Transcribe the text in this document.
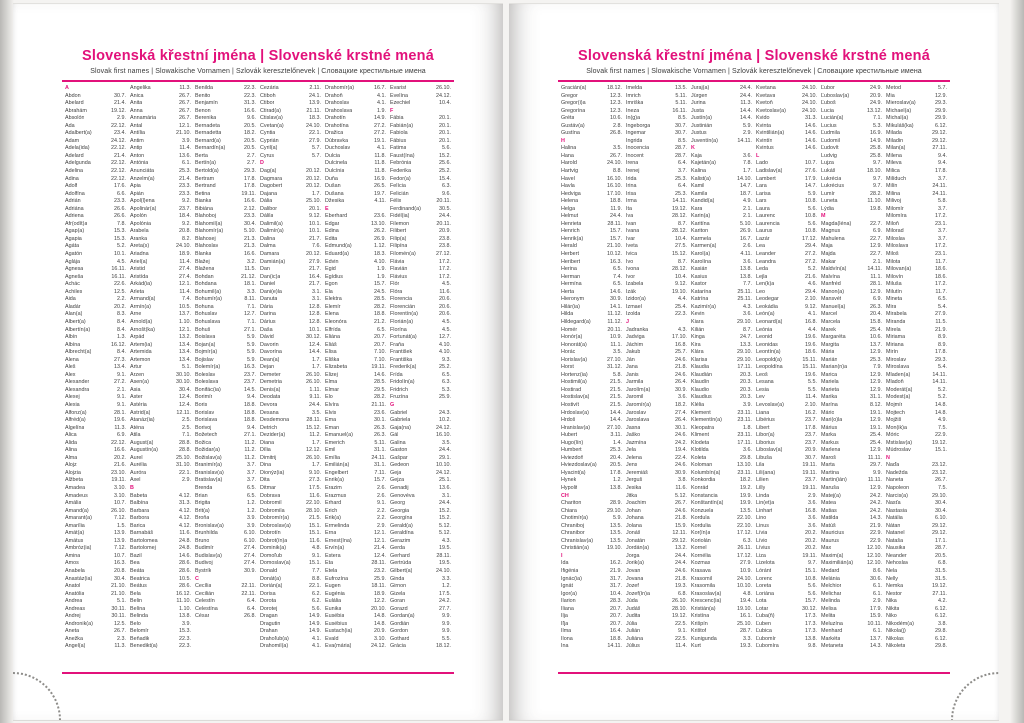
Slovenská křestní jména | Slovenské krstné mená
Slovak first names | Slowakische Vornamen | Szlovák keresztelőnevek | Словацкие крестильные имена
A
Abdon	30.7.
Abelard	21.4.
Abrahám	19.12.
Absolón	2.9.
Ada	22.12.
Adalbert(a)	23.4.
Adam	24.12.
Adela(ida)	22.12.
Adelard	21.4.
Adelgunda	22.12.
Adelina	22.12.
Adina	22.12.
Adolf	17.6.
Adolfína	6.6.
Adrián	23.3.
Adriána	26.6.
Adriena	26.6.
Afr(odít)a	7.8.
Agap(a)	15.3.
Agapia	15.3.
Agáta	5.2.
Agatón	10.1.
Aglája	4.5.
Agnesa	16.11.
Agneša	16.11.
Achác	22.6.
Achiles	12.5.
Aida	2.2.
Aladár	20.2.
Alan(a)	8.3.
Albert(a)	8.4.
Albertín(a)	8.4.
Albín	1.3.
Albína	16.12.
Albrecht(a)	8.4.
Alena	27.3.
Aleš	13.4.
Alex	9.1.
Alexander	27.2.
Alexandra	2.1.
Alexej	9.1.
Alexia	9.1.
Alfonz(a)	28.1.
Alfréd(a)	19.6.
Algelína	11.3.
Alica	6.9.
Alida	22.12.
Alina	16.6.
Alma	20.2.
Alojz	21.6.
Alojzia	23.10.
Alžbeta	19.11.
Amadea	3.10.
Amadeus	3.10.
Amália	10.7.
Amand(a)	26.10.
Amarant(a)	7.12.
Amarília	1.5.
Amát(a)	13.9.
Amátus	13.9.
Ambróz(ia)	7.12.
Amina	10.7.
Amos	16.3.
Anabela	20.8.
Anastáz(ia)	30.4.
Anatol	21.10.
Anatólia	21.10.
Andrea	5.1.
Andreas	30.11.
Andrej	30.11.
Andronik(a)	12.5.
Aneta	26.7.
Anežka	2.3.
Angel(a)	11.3.
Angelika	11.3.
Anica	26.7.
Anita	26.7.
Anna	26.7.
Annamária	26.7.
Antal	12.1.
Antília	21.10.
Antim	3.9.
Antip	11.4.
Anton	13.6.
Antónia	6.1.
Anunciáta	25.3.
Anzelm(a)	21.4.
Apia	23.3.
Apián	23.3.
Apol(l)ena	9.2.
Apolinár(a)	23.7.
Apolón	18.4.
Apolónia	9.2.
Arabela	20.8.
Aranka	8.2.
Areta(s)	24.10.
Ariadna	18.9.
Ariel(a)	11.4.
Aristid	27.4.
Aristída	27.4.
Arkád(ia)	12.1.
Arleta	11.4.
Armand(a)	7.4.
Armín(a)	10.5.
Arne	13.7.
Arnold(a)	1.10.
Arnošt(ka)	12.1.
Arpád	13.2.
Artem(ia)	13.4.
Artemida	13.4.
Artemon	13.4.
Artur	5.1.
Arzen	30.10.
Asen(a)	30.10.
Asia	30.4.
Aster	12.4.
Astéria	12.4.
Astrid(a)	12.11.
Atanáz(ia)	2.5.
Aténa	2.5.
Atila	7.1.
August(a)	28.8.
Augustín(a)	28.8.
Aurel	25.10.
Aurélia	31.10.
Auróra	22.1.
Axel	2.9.
B
Babeta	4.12.
Balbína	31.3.
Barbara	4.12.
Barbora	4.12.
Barica	4.12.
Barnabáš	11.6.
Bartolomea	24.8.
Bartolomej	24.8.
Bazil	14.6.
Bea	28.6.
Beáta	28.6.
Beatrica	10.5.
Beátus	28.6.
Bela	16.12.
Belin	11.10.
Belína	1.10.
Belinda	13.8.
Belo	3.9.
Belomír	15.3.
Beňadik	22.3.
Benedikt(a)	22.3.
Benilda	22.3.
Benito	22.3.
Benjamín	31.3.
Benon	16.6.
Berenika	9.6.
Bernadeta	20.5.
Bernadetta	18.2.
Bernard(a)	20.5.
Bernardín(a)	20.5.
Berta	2.7.
Bertín(a)	2.7.
Bertold(a)	29.3.
Bertram	17.8.
Bertrand	17.8.
Betina	19.11.
Bianka	16.6.
Bibiána	2.12.
Blahoboj	23.3.
Blahomil(a)	30.4.
Blahomír(a)	5.10.
Blahosej	21.3.
Blahoslav	21.3.
Blanka	16.6.
Blažej	3.2.
Blažena	11.5.
Bohdan	21.12.
Bohdana	18.1.
Bohumil(a)	3.3.
Bohumír(a)	8.11.
Bohuna	7.1.
Bohuslav	12.7.
Bohuslava	7.1.
Bohuš	27.1.
Boislava	5.9.
Bojan(a)	5.9.
Bojmír(a)	5.9.
Bojislav	5.9.
Bolemír(a)	16.3.
Boleslav	23.7.
Boleslava	23.7.
Bonifác(ia)	14.5.
Borimír	9.4.
Boris	18.8.
Borislav	18.8.
Borislava	18.8.
Borivoj	9.4.
Božetech	27.1.
Božica	11.2.
Božidar(a)	11.2.
Božislav(a)	11.2.
Branimír(a)	3.7.
Branislav(a)	3.7.
Bratislav(a)	3.7.
Brenda	6.5.
Brian	6.5.
Brigita	1.2.
Brit(a)	1.2.
Broňa	3.9.
Bronislav(a)	3.9.
Brunhilda	6.10.
Bruno	6.10.
Budimír	27.4.
Budislav(a)	27.4.
Budivoj	27.4.
Bystrík	30.9.
C
Cecília	22.11.
Cecilián	22.11.
Celestín	6.4.
Celestína	6.4.
César	26.8.
Cezária	2.11.
Ctiboh	24.1.
Ctibor	13.9.
Ctirad(a)	21.11.
Ctislav(a)	18.3.
Cvetan(a)	24.10.
Cyntia	22.1.
Cyprián	27.9.
Cyril(a)	5.7.
Cyrus	5.7.
D
Dag(a)	20.12.
Dagmara	20.12.
Dagobert	20.12.
Dajana	1.7.
Dália	25.10.
Dalibor	20.1.
Dálila	9.12.
Dalimil(a)	10.1.
Dalimír(a)	10.1.
Dalina	21.7.
Dalma	7.6.
Damara	20.12.
Damián(a)	27.9.
Dan	21.7.
Dan(ic)a	16.4.
Daniel	21.7.
Dani(e)la	3.1.
Danuta	3.1.
Dária	12.8.
Darina	12.8.
Dárius	12.8.
Daša	10.1.
Dávid	30.12.
Davorin	12.4.
Davorína	14.4.
Dean(a)	1.7.
Dejan	1.7.
Demeter	26.10.
Demetria	26.10.
Denis(a)	1.11.
Deodata	9.11.
Devora	24.4.
Desana	3.5.
Desdemona	28.11.
Detrich	15.12.
Dezider(a)	11.2.
Diana	1.7.
Dília	12.12.
Dimitrij	26.10.
Dina	1.7.
Dionýz(ia)	9.10.
Dita	27.3.
Ditmar	17.5.
Dobrava	11.6.
Dobromil	22.10.
Dobromila	28.10.
Dobromír(a)	21.5.
Dobroslav(a)	15.1.
Dobrotín	15.1.
Dobrot(ín)a	11.6.
Dominik(a)	4.8.
Domoľub	9.1.
Domoslav(a)	15.1.
Donald	7.7.
Donát(a)	8.8.
Dorián(a)	22.1.
Dorisa	6.2.
Dorota	6.2.
Dorotej	5.6.
Dragan	14.9.
Dragutin	14.9.
Drahan	14.9.
Drahoľub(a)	4.1.
Drahomil(a)	4.1.
Drahomír(a)	16.7.
Drahoň	4.1.
Drahoslav	4.1.
Drahoslava	1.9.
Drahotín	14.9.
Drahotína	27.2.
Dražica	27.2.
Dúbravka	19.1.
Duchoslav	4.1.
Dulcia	11.8.
Dulcinela	11.8.
Dulcínia	11.8.
Duňa	16.9.
Dušan	26.5.
Dušana	19.7.
Džesika	4.11.
E
Eberhard	23.6.
Edgar	13.10.
Edina	26.2.
Edita	26.9.
Edmund(a)	1.12.
Eduard(a)	18.3.
Edvin	4.10.
Egid	1.9.
Egídius	1.9.
Egon	15.7.
Ela	24.5.
Elektra	28.5.
Elemír	28.2.
Elena	18.8.
Eleonóra	21.2.
Elfrída	6.5.
Eliána	20.7.
Eliáš	20.7.
Elisa	7.10.
Eliška	7.10.
Elizabeta	19.11.
Elizej	14.6.
Elma	28.5.
Elmar	29.5.
Elo	28.2.
Elvíra	21.11.
Elvis	23.6.
Ema	30.1.
Eman	26.3.
Emanuel(a)	26.3.
Emerich	5.11.
Emil	31.1.
Emília	24.11.
Emilián(a)	31.1.
Engelbert	7.11.
Enrik(a)	15.7.
Erazim	2.6.
Erazmus	2.6.
Erhard	9.1.
Erich	2.2.
Erik(a)	2.2.
Ermelinda	2.9.
Erna	12.1.
Ernest(ína)	12.1.
Ervín(a)	21.4.
Estera	12.4.
Eta	28.11.
Etela	23.2.
Eufrozína	25.9.
Eugen	18.11.
Eugénia	18.9.
Eulália	12.2.
Eunika	20.10.
Eusébia	14.8.
Eusébius	14.8.
Eustach(ia)	20.9.
Evald	3.10.
Eva(mária)	24.12.
Evarist	26.10.
Evelína	24.12.
Ezechiel	10.4.
F
Fábia	20.1.
Fabián(a)	20.1.
Fabiola	20.1.
Fábius	20.1.
Fatima	5.6.
Faust(ína)	15.2.
Febrónia	25.6.
Federika	25.2.
Fedor(a)	15.4.
Felícia	6.3.
Felicián	9.6.
Félix	20.11.
Ferdinand(a)	30.5.
Fidél(ia)	24.4.
Filemon	20.11.
Filibert	20.9.
Filip(a)	23.8.
Filipína	23.8.
Filomén(a)	27.12.
Flávia	17.2.
Flavián	17.2.
Flávius	17.2.
Flór	4.5.
Flóra	11.6.
Florencia	20.6.
Florencián	20.6.
Florentín(a)	20.6.
Florián(a)	4.5.
Florína	4.5.
Fortunát(a)	12.7.
Fraňa	4.10.
František	4.10.
Františka	9.3.
Frederik(a)	25.2.
Frída	6.5.
Fridolín(a)	6.3.
Fridrich	5.3.
Fruzína	25.9.
G
Gabriel	24.3.
Gabriela	10.2.
Gaja(na)	24.12.
Gál	16.10.
Galina	3.5.
Gaston	24.4.
Gašpar	29.1.
Gedeon	10.10.
Geja	24.12.
Gejza	25.1.
Genadij	13.6.
Genovéva	3.1.
Georg	24.4.
Georgia	15.2.
Georgína	15.2.
Gerald(a)	5.12.
Geraldína	5.12.
Gerazim	4.3.
Gerda	19.5.
Gerhard	28.11.
Gertrúda	19.5.
Gilbert(a)	24.10.
Ginda	3.3.
Girnon	1.2.
Gizela	17.5.
Goran	24.2.
Gorazd	27.7.
Gordan(a)	9.9.
Gordián	9.9.
Gordon	9.9.
Gothard	5.5.
Grácia	18.12.
Slovenská křestní jména | Slovenské krstné mená
Slovak first names | Slowakische Vornamen | Szlovák keresztelőnevek | Словацкие крестильные имена
Gracián(a)	18.12.
Gregor	12.3.
Gregor(i)a	12.3.
Gregorína	12.3.
Gréta	10.6.
Gustáv(a)	2.8.
Gustína	26.8.
H
Halina	3.5.
Hana	26.7.
Harold	24.10.
Hartvig	8.8.
Havel	16.10.
Havla	16.10.
Hedviga	17.10.
Helena	18.8.
Helga	11.9.
Helmut	24.4.
Henrieta	28.11.
Henrich	15.7.
Henrik(a)	15.7.
Herald	21.10.
Herbert	10.12.
Heribert	16.3.
Herina	6.5.
Herman	7.4.
Hermína	6.5.
Herta	14.6.
Hieronym	30.9.
Hilár(ia)	14.1.
Hilda	11.12.
Hildegard(a)	11.12.
Homér	20.11.
Honór(a)	10.9.
Honorát(a)	11.1.
Horác	3.5.
Horislav(a)	27.10.
Horst	31.12.
Hortenz(ia)	5.8.
Hostimil(a)	21.5.
Hostirad	21.5.
Hostislav(a)	21.5.
Hostivít	21.5.
Hrdoslav(a)	14.4.
Hrdoš	14.4.
Hranislav(a)	27.10.
Hubert	3.11.
Hugo(lín)	1.4.
Humbert	25.3.
Hviezdoň	20.4.
Hviezdoslav(a) 20.5.
Hyacint(a)	17.8.
Hynek	1.2.
Hypolit	13.8.
CH
Chariton	28.9.
Chiara	29.10.
Chotimír(a)	5.9.
Chraniboj	13.5.
Chranibor	13.5.
Chranislav(a)	13.5.
Christián(a)	19.10.
I
Ida	16.2.
Ifigénia	21.9.
Ignác(ia)	31.7.
Ignát	31.7.
Igor(a)	10.4.
Ilarion	28.3.
Iliana	20.7.
Ilja	20.7.
Iľja	20.7.
Ilma	16.4.
Ilona	18.8.
Ina	14.11.
Imelda	13.5.
Imrich	5.11.
Imriška	5.11.
Ineza	16.11.
In(g)a	8.5.
Ingeborga	30.7.
Ingemar	30.7.
Ingrida	8.5.
Inocencia	28.7.
Inocent	28.7.
Irena	6.4.
Irenej	3.7.
Irida	25.3.
Irina	6.4.
Irisa	25.3.
Irma	14.11.
Ita	19.12.
Iva	28.12.
Ivan	8.7.
Ivana	28.12.
Ivar	10.4.
Iveta	27.5.
Ivica	15.12.
Ivo	8.7.
Ivona	28.12.
Ivor	10.4.
Izabela	9.12.
Izák	19.10.
Izidor(a)	4.4.
Izmael	25.4.
Izolda	22.3.
J
Jadranka	4.3.
Jadviga	17.10.
Jáchim	16.8.
Jakub	25.7.
Ján	24.6.
Jana	21.8.
Janis	24.6.
Jarmila	26.4.
Jarolím(a)	30.9.
Jaromil	3.6.
Jaromír(a)	18.2.
Jaroslav	27.4.
Jaroslava	26.4.
Jasna	30.1.
Jaško	24.6.
Jazmína	24.2.
Jela	19.4.
Jelena	22.4.
Jens	24.6.
Jeremiáš	30.9.
Jerguš	3.8.
Jesika	11.6.
Jitka	5.12.
Joachim	26.7.
Johan	24.6.
Johana	21.8.
Jolana	15.9.
Jonáš	12.11.
Jonatán	29.12.
Jordán(a)	13.2.
Jorga	24.4.
Jorik(a)	24.4.
Jovan	24.6.
Jovana	21.8.
Jozef	19.3.
Jozef(ín)a	6.8.
Júda	26.10.
Judáš	28.10.
Judita	19.12.
Júlia	22.5.
Julián	9.1.
Juliána	22.5.
Július	11.4.
Juraj(a)	24.4.
Jürgen	24.4.
Jurina	11.3.
Justa	14.4.
Justín(a)	14.4.
Justinián	5.9.
Justus	2.9.
Juventín(a)	14.11.
K
Kaja	3.6.
Kajetán(a)	7.8.
Kalina	1.7.
Kalist(a)	14.10.
Kamil	14.7.
Kamila	18.7.
Kandid(a)	4.9.
Kara	2.1.
Karin(a)	2.1.
Karitína	5.10.
Kariton	26.9.
Karmela	16.7.
Karmen(a)	2.6.
Karol(a)	4.11.
Karolína	3.6.
Kasián	13.8.
Kasius	13.8.
Kastor	7.7.
Katarína	25.11.
Katrína	25.11.
Kazimír(a)	4.3.
Kevin	3.6.
Kiara	29.10.
Kilián	8.7.
Kinga	24.7.
Kira	13.3.
Klára	29.10.
Klarisa	29.10.
Klaudia	17.11.
Klaudián	20.3.
Klaudín	20.3.
Klaudio	20.3.
Klaudius	20.3.
Klélia	3.9.
Klement	23.11.
Klementín(a)	23.11.
Kleopatra	1.8.
Kliment	23.11.
Klodeta	17.11.
Klotilda	3.6.
Koleta	29.8.
Koloman	13.10.
Kolumbín(a)	23.11.
Konkordia	18.2.
Konrád	19.2.
Konstancia	19.9.
Konštantín(a)	19.9.
Konzuela	13.5.
Kordula	22.10.
Kordulia	22.10.
Kor(ín)a	17.12.
Koriolán	6.3.
Kornel	26.11.
Kornélia	17.12.
Kozmas	27.9.
Krasava	10.9.
Krasomil	24.10.
Krasomila	10.10.
Krasoslav(a)	4.8.
Krescenc(ia)	19.4.
Kristián(a)	19.10.
Kristína	16.1.
Krišpín	25.10.
Krištof	28.7.
Kunigunda	3.3.
Kurt	19.3.
Kvetana	24.10.
Kvetava	24.10.
Kvetoň	24.10.
Kvetoslav(a)	24.10.
Kvido	31.3.
Kvinta	14.6.
Kvintilián(a)	14.6.
Kvintín	14.6.
Kvintus	14.6.
L
Lado	10.7.
Ladislav(a)	27.6.
Lambert	17.9.
Lara	14.7.
Larisa	5.9.
Lars	10.8.
Laura	5.6.
Laurenc	10.8.
Laurencia	5.6.
Laurus	10.8.
Lazár	17.12.
Lea	29.4.
Leander	27.2.
Leandra	27.2.
Leda	5.2.
Lejla	21.6.
Len(k)a	4.6.
Leo	29.4.
Leodegar	2.10.
Leokádia	9.12.
León(a)	4.1.
Leonard(a)	16.8.
Leónia	4.4.
Leonid	19.6.
Leonidas	19.6.
Leontín(a)	18.6.
Leopold(a)	15.11.
Leopoldína	15.11.
Leoš	19.6.
Lesana	5.5.
Lesia	5.5.
Lev	11.4.
Levoslav(a)	2.10.
Liana	16.2.
Libérius	23.7.
Libert	17.8.
Libor(a)	23.7.
Liborius	23.7.
Liboslav(a)	20.9.
Libuša	30.7.
Lila	19.11.
Lili(ana)	19.11.
Lilien	23.7.
Lilly	19.11.
Linda	2.9.
Lin(et)a	3.6.
Linhart	16.8.
Lino	3.6.
Linus	3.6.
Lívia	20.2.
Lívio	20.2.
Lívius	20.2.
Liza	19.11.
Lizelota	9.7.
Lóránt	15.1.
Lorenc	10.8.
Loreta	5.6.
Loriána	5.6.
Lota	15.7.
Lotar	30.12.
Ľuba(ň)	17.3.
Ľuben	17.3.
Ľubica	17.3.
Ľubomír	13.8.
Ľubomíra	9.8.
Ľubor	24.9.
Ľuboslav(a)	20.9.
Ľuboš	24.9.
Lucia	13.12.
Lucián(a)	7.1.
Lucius	5.3.
Ľudmila	16.9.
Ľudomil	14.9.
Ľudovít	25.8.
Ludvig	25.8.
Lujza	9.7.
Lukáš	18.10.
Lukrécia	9.7.
Lukrécius	9.7.
Lumír	28.2.
Luneta	11.10.
Lýdia	19.8.
M
Magda(léna)	22.7.
Magnus	6.9.
Mahulena	22.7.
Maja	12.9.
Majda	22.7.
Makar	2.1.
Maldvín(a)	14.11.
Malvína	11.1.
Manfréd	28.1.
Manon(a)	12.9.
Mansvét	6.9.
Manuel(a)	26.3.
Marcel	20.4.
Marcela	15.8.
Marek	25.4.
Margaréta	10.6.
Margita	13.7.
Mária	12.9.
Marián	25.3.
Marian(n)a	7.9.
Marica	12.9.
Mariela	12.9.
Marieta	12.9.
Marika	31.1.
Marína	8.12.
Mário	19.1.
Mari(o)la	12.9.
Márius	19.1.
Marka	25.4.
Markus	25.4.
Marlena	12.9.
Maroš	11.11.
Marta	29.7.
Martina	9.9.
Martin(ián)	11.11.
Maruša	12.9.
Matej(a)	24.2.
Matea	24.2.
Matias	24.2.
Matilda	14.3.
Matúš	21.9.
Mauricius	22.9.
Maurus	22.9.
Max	12.10.
Maxim(a)	12.10.
Maximilián(a)	12.10.
Medard	8.6.
Melánia	30.6.
Melchior	6.1.
Melichar	6.1.
Melinda	2.9.
Melisa	17.9.
Melita	15.9.
Meluzína	10.11.
Menhard	6.1.
Markéta	13.7.
Metaneta	14.3.
Metod	5.7.
Mia	12.9.
Mieroslav(a)	29.3.
Michael(a)	29.9.
Michal(a)	29.9.
Mikuláš(ka)	6.12.
Milada	29.12.
Miladin	29.12.
Milan(a)	27.11.
Milena	9.4.
Mileva	9.4.
Milica	17.8.
Milíduch	3.7.
Milín	24.11.
Milina	24.11.
Milivoj	5.8.
Milomír	3.7.
Milomíra	17.2.
Miloň	23.1.
Milorad	3.7.
Miloslav	3.7.
Miloslava	17.2.
Miloš	23.1.
Milota	11.7.
Milovan(a)	18.6.
Milovín	18.6.
Miluša	17.2.
Milutín	11.7.
Mineta	6.5.
Mira	5.4.
Mirabela	27.9.
Miranda	11.5.
Mirela	21.9.
Miriama	8.9.
Miriana	8.9.
Mirín	17.8.
Miroslav	29.3.
Miroslava	5.4.
Mladen(a)	14.11.
Mladoň	14.11.
Moderát(a)	5.2.
Modest(a)	5.2.
Mojmír	14.8.
Mojtech	14.8.
Mojžiš	4.9.
Mon(ik)a	7.5.
Móric	22.9.
Mstislav(a)	19.12.
Múdroslav	15.1.
N
Naďa	23.12.
Nadežda	23.12.
Naneta	26.7.
Napoleon	7.5.
Narcis(a)	29.10.
Nasťa	30.4.
Nastasia	30.4.
Natália	6.10.
Nátan	29.12.
Natanel	29.12.
Nataša	17.1.
Nausika	28.7.
Neander	20.5.
Nehoslav	6.8.
Nela	31.5.
Nelly	31.5.
Nemka	19.12.
Nestor	27.11.
Nika	4.2.
Nikita	6.12.
Niko	6.12.
Nikodém(a)	3.8.
Nikola(j)	29.8.
Nikolas	6.12.
Nikoleta	29.8.
